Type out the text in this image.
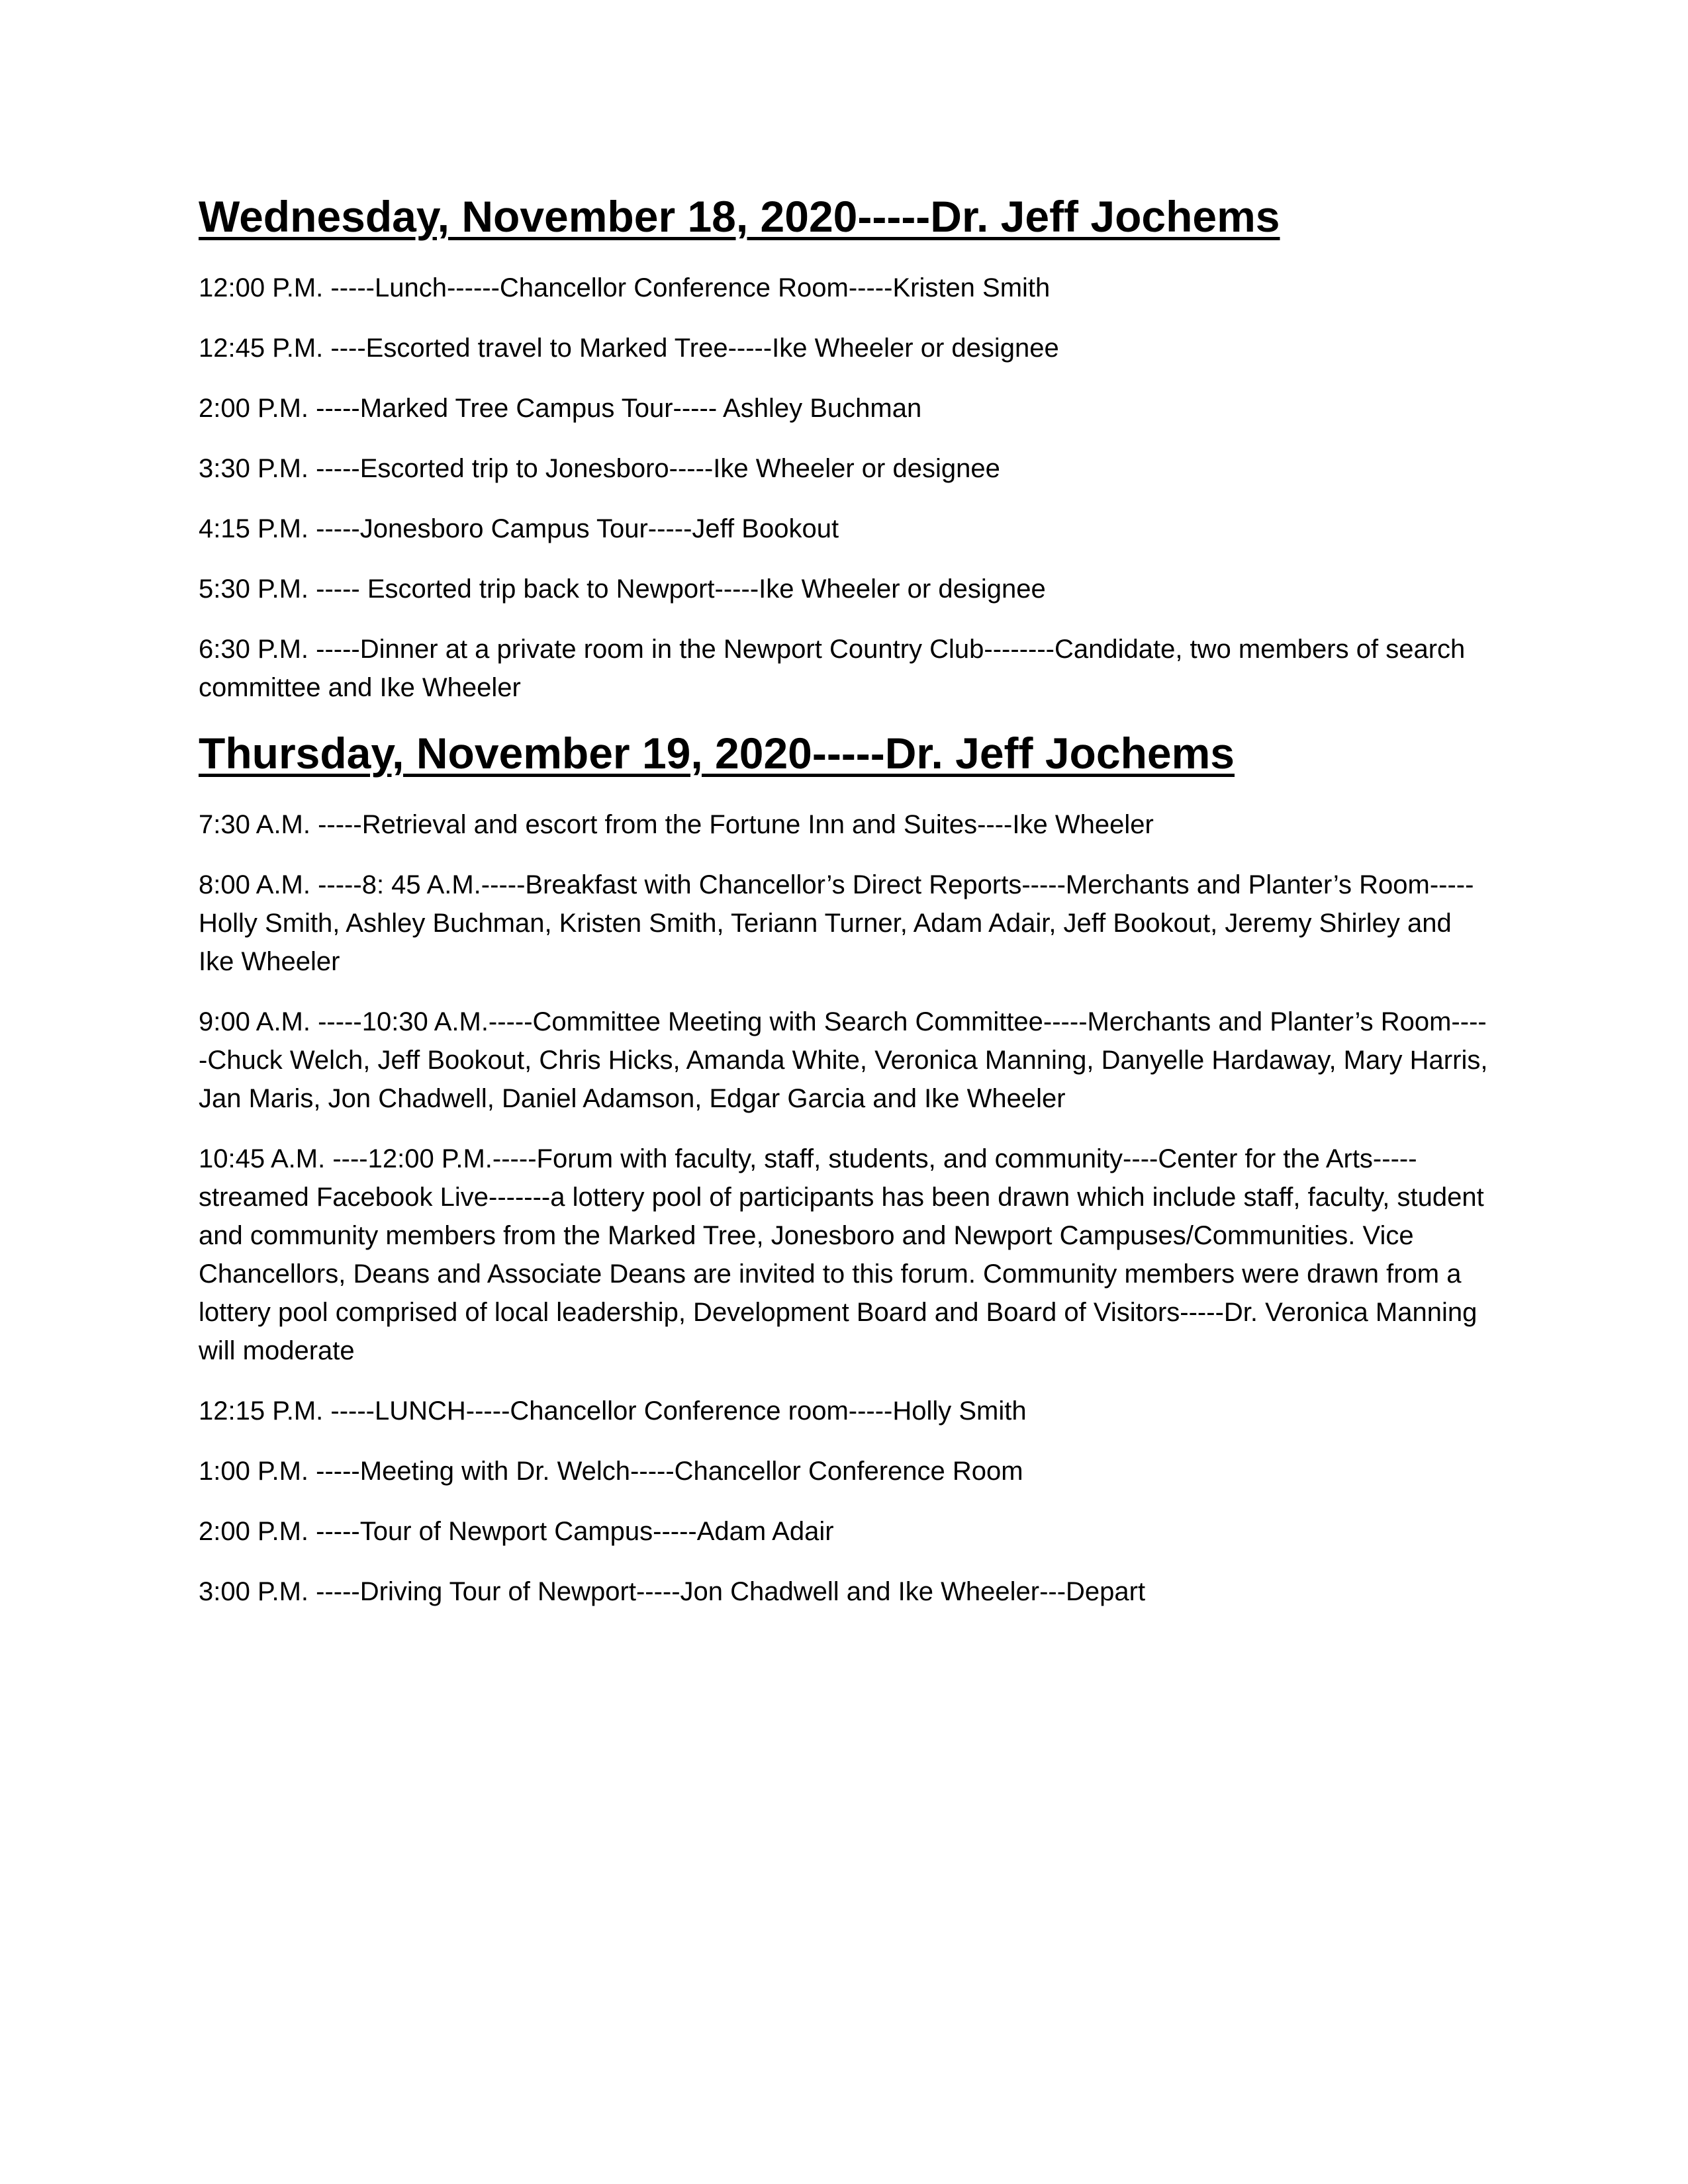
Wednesday, November 18, 2020-----Dr. Jeff Jochems

12:00 P.M. -----Lunch------Chancellor Conference Room-----Kristen Smith

12:45 P.M. ----Escorted travel to Marked Tree-----Ike Wheeler or designee

2:00 P.M. -----Marked Tree Campus Tour----- Ashley Buchman

3:30 P.M. -----Escorted trip to Jonesboro-----Ike Wheeler or designee

4:15 P.M. -----Jonesboro Campus Tour-----Jeff Bookout

5:30 P.M. ----- Escorted trip back to Newport-----Ike Wheeler or designee

6:30 P.M. -----Dinner at a private room in the Newport Country Club--------Candidate, two members of search committee and Ike Wheeler

Thursday, November 19, 2020-----Dr. Jeff Jochems

7:30 A.M. -----Retrieval and escort from the Fortune Inn and Suites----Ike Wheeler

8:00 A.M. -----8: 45 A.M.-----Breakfast with Chancellor’s Direct Reports-----Merchants and Planter’s Room-----Holly Smith, Ashley Buchman, Kristen Smith, Teriann Turner, Adam Adair, Jeff Bookout, Jeremy Shirley and Ike Wheeler

9:00 A.M. -----10:30 A.M.-----Committee Meeting with Search Committee-----Merchants and Planter’s Room-----Chuck Welch, Jeff Bookout, Chris Hicks, Amanda White, Veronica Manning, Danyelle Hardaway, Mary Harris, Jan Maris, Jon Chadwell, Daniel Adamson, Edgar Garcia and Ike Wheeler

10:45 A.M. ----12:00 P.M.-----Forum with faculty, staff, students, and community----Center for the Arts----- streamed Facebook Live-------a lottery pool of participants has been drawn which include staff, faculty, student and community members from the Marked Tree, Jonesboro and Newport Campuses/Communities. Vice Chancellors, Deans and Associate Deans are invited to this forum. Community members were drawn from a lottery pool comprised of local leadership, Development Board and Board of Visitors-----Dr. Veronica Manning will moderate

12:15 P.M. -----LUNCH-----Chancellor Conference room-----Holly Smith

1:00 P.M. -----Meeting with Dr. Welch-----Chancellor Conference Room

2:00 P.M. -----Tour of Newport Campus-----Adam Adair

3:00 P.M. -----Driving Tour of Newport-----Jon Chadwell and Ike Wheeler---Depart
